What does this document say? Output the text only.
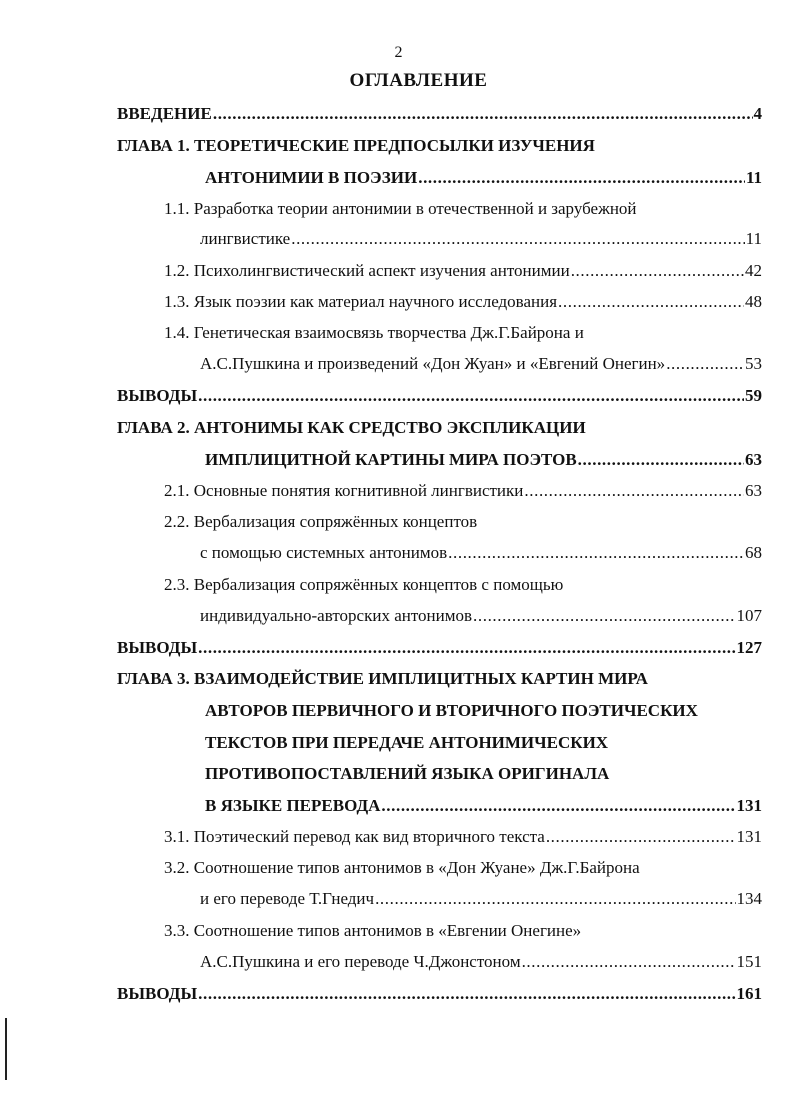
2
ОГЛАВЛЕНИЕ
ВВЕДЕНИЕ .....	4
ГЛАВА 1. ТЕОРЕТИЧЕСКИЕ ПРЕДПОСЫЛКИ ИЗУЧЕНИЯ
АНТОНИМИИ В ПОЭЗИИ .....	11
1.1. Разработка теории антонимии в отечественной и зарубежной
лингвистике .....	11
1.2. Психолингвистический аспект изучения антонимии .....	42
1.3. Язык поэзии как материал научного исследования .....	48
1.4. Генетическая взаимосвязь творчества Дж.Г.Байрона и
А.С.Пушкина и произведений «Дон Жуан» и «Евгений Онегин» .....	53
ВЫВОДЫ .....	59
ГЛАВА 2. АНТОНИМЫ КАК СРЕДСТВО ЭКСПЛИКАЦИИ
ИМПЛИЦИТНОЙ КАРТИНЫ МИРА ПОЭТОВ .....	63
2.1. Основные понятия когнитивной лингвистики .....	63
2.2. Вербализация сопряжённых концептов
с помощью системных антонимов .....	68
2.3. Вербализация сопряжённых концептов с помощью
индивидуально-авторских антонимов .....	107
ВЫВОДЫ .....	127
ГЛАВА 3. ВЗАИМОДЕЙСТВИЕ ИМПЛИЦИТНЫХ КАРТИН МИРА
АВТОРОВ ПЕРВИЧНОГО И ВТОРИЧНОГО ПОЭТИЧЕСКИХ
ТЕКСТОВ ПРИ ПЕРЕДАЧЕ АНТОНИМИЧЕСКИХ
ПРОТИВОПОСТАВЛЕНИЙ ЯЗЫКА ОРИГИНАЛА
В ЯЗЫКЕ ПЕРЕВОДА .....	131
3.1. Поэтический перевод как вид вторичного текста .....	131
3.2. Соотношение типов антонимов в «Дон Жуане» Дж.Г.Байрона
и его переводе Т.Гнедич .....	134
3.3. Соотношение типов антонимов в «Евгении Онегине»
А.С.Пушкина и его переводе Ч.Джонстоном .....	151
ВЫВОДЫ .....	161
